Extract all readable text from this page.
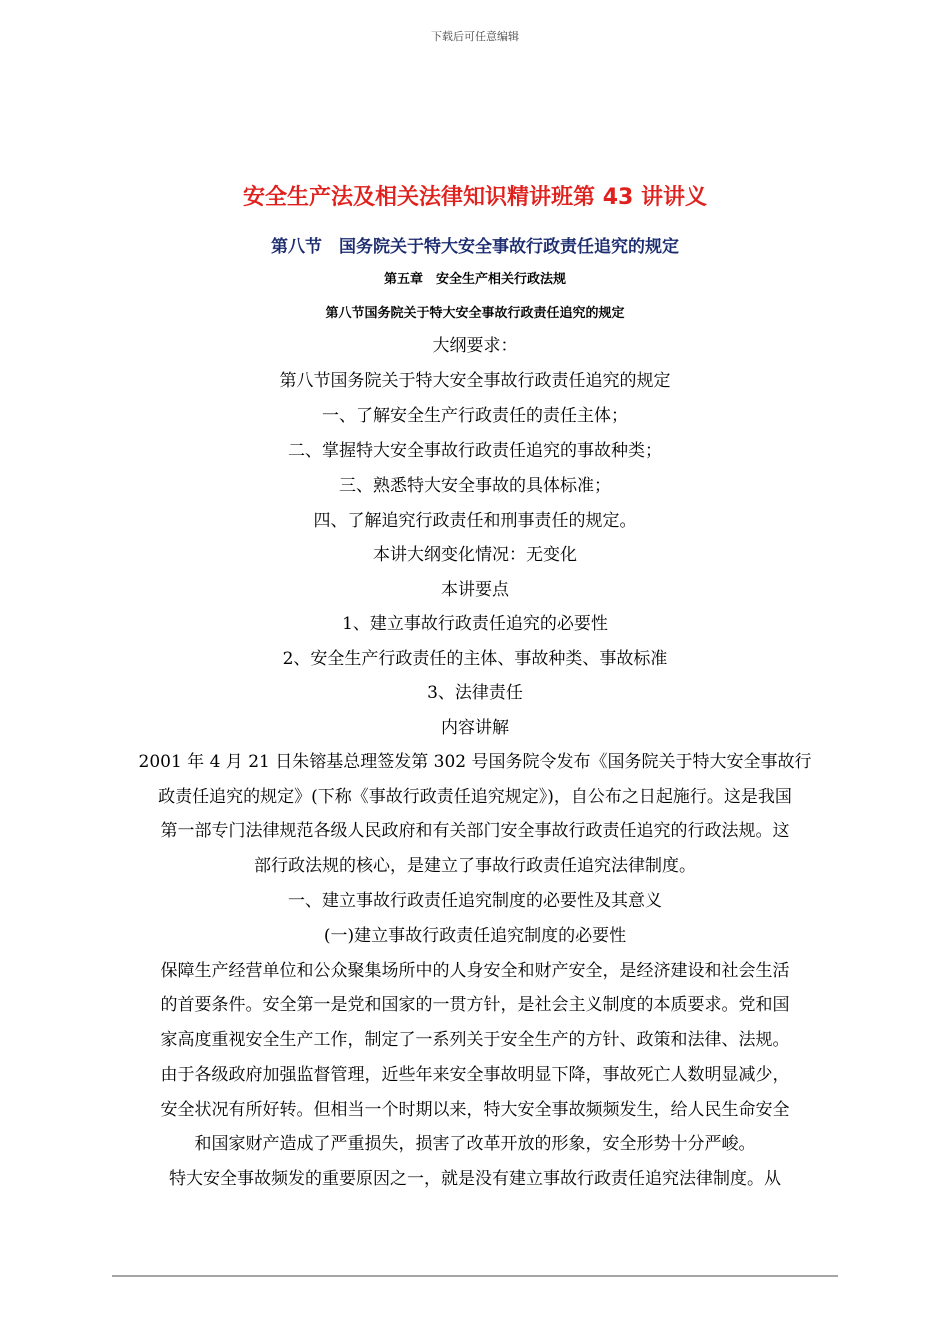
下载后可任意编辑
安全生产法及相关法律知识精讲班第 43 讲讲义
第八节　国务院关于特大安全事故行政责任追究的规定
第五章　安全生产相关行政法规
第八节国务院关于特大安全事故行政责任追究的规定
大纲要求：
第八节国务院关于特大安全事故行政责任追究的规定
一、了解安全生产行政责任的责任主体；
二、掌握特大安全事故行政责任追究的事故种类；
三、熟悉特大安全事故的具体标准；
四、了解追究行政责任和刑事责任的规定。
本讲大纲变化情况：无变化
本讲要点
1、建立事故行政责任追究的必要性
2、安全生产行政责任的主体、事故种类、事故标准
3、法律责任
内容讲解
2001 年 4 月 21 日朱镕基总理签发第 302 号国务院令发布《国务院关于特大安全事故行
政责任追究的规定》(下称《事故行政责任追究规定》)，自公布之日起施行。这是我国
第一部专门法律规范各级人民政府和有关部门安全事故行政责任追究的行政法规。这
部行政法规的核心，是建立了事故行政责任追究法律制度。
一、建立事故行政责任追究制度的必要性及其意义
(一)建立事故行政责任追究制度的必要性
保障生产经营单位和公众聚集场所中的人身安全和财产安全，是经济建设和社会生活
的首要条件。安全第一是党和国家的一贯方针，是社会主义制度的本质要求。党和国
家高度重视安全生产工作，制定了一系列关于安全生产的方针、政策和法律、法规。
由于各级政府加强监督管理，近些年来安全事故明显下降，事故死亡人数明显减少，
安全状况有所好转。但相当一个时期以来，特大安全事故频频发生，给人民生命安全
和国家财产造成了严重损失，损害了改革开放的形象，安全形势十分严峻。
特大安全事故频发的重要原因之一，就是没有建立事故行政责任追究法律制度。从
